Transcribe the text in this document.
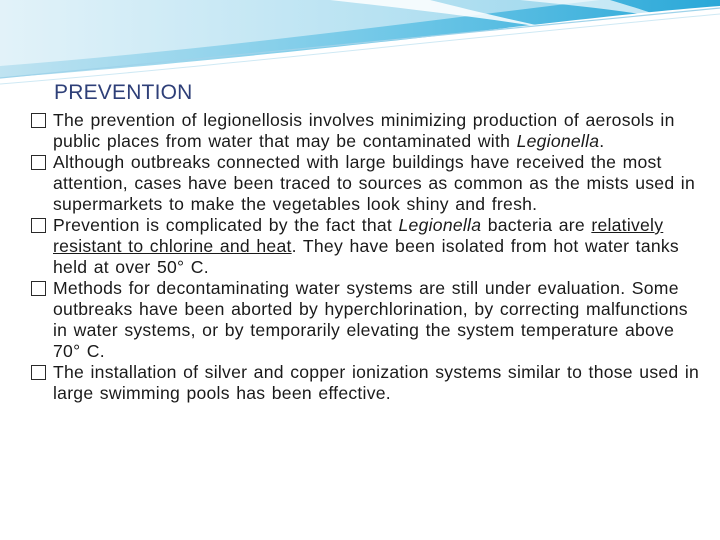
PREVENTION
The prevention of legionellosis involves minimizing production of aerosols in public places from water that may be contaminated with Legionella.
Although outbreaks connected with large buildings have received the most attention, cases have been traced to sources as common as the mists used in supermarkets to make the vegetables look shiny and fresh.
Prevention is complicated by the fact that Legionella bacteria are relatively resistant to chlorine and heat. They have been isolated from hot water tanks held at over 50° C.
Methods for decontaminating water systems are still under evaluation. Some outbreaks have been aborted by hyperchlorination, by correcting malfunctions in water systems, or by temporarily elevating the system temperature above 70° C.
The installation of silver and copper ionization systems similar to those used in large swimming pools has been effective.
